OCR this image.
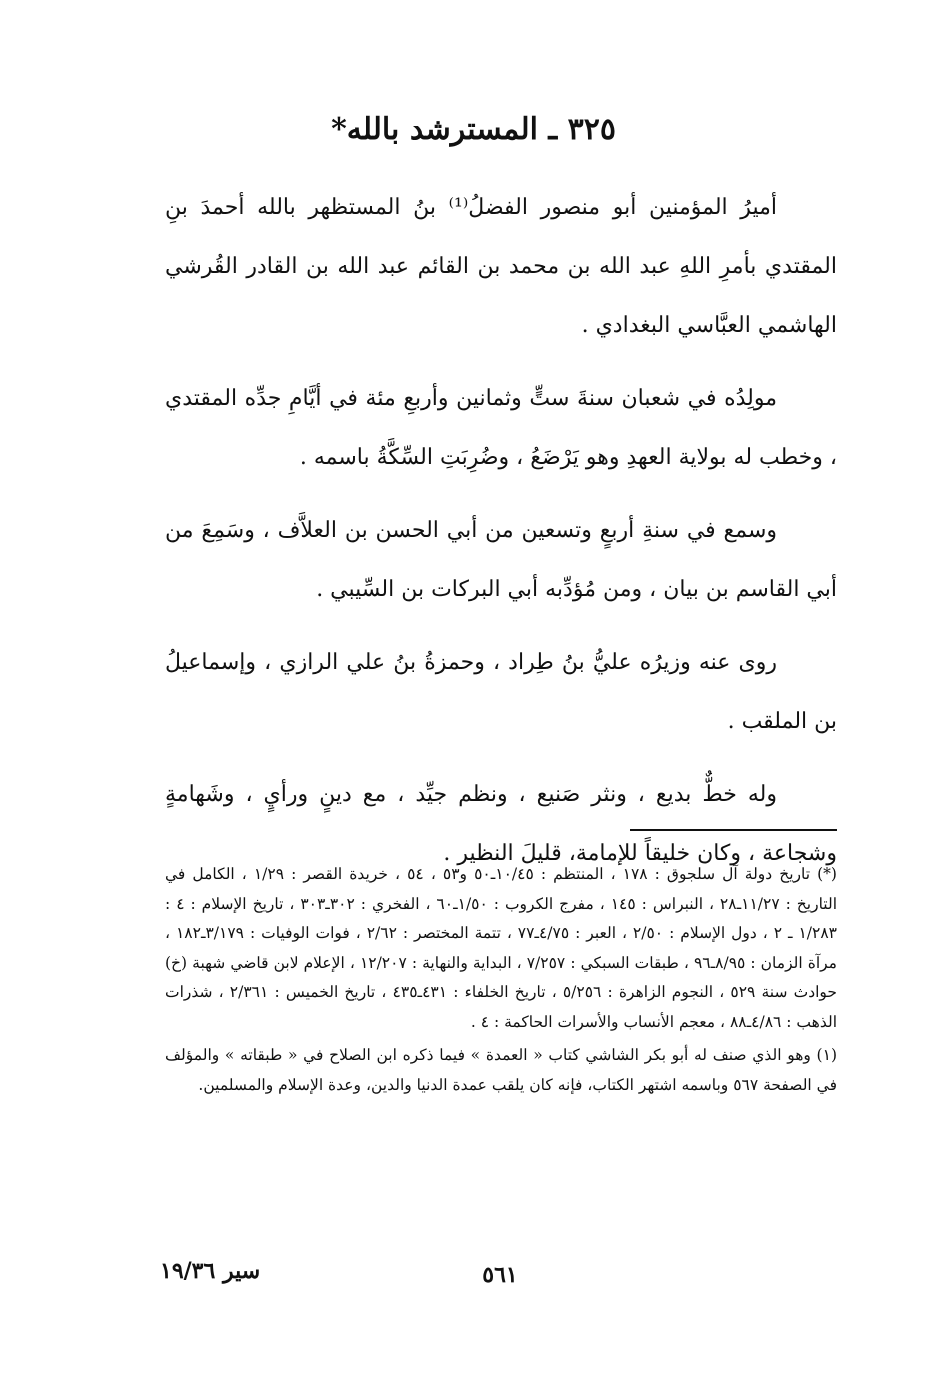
٣٢٥ ـ المسترشد بالله*

أميرُ المؤمنين أبو منصور الفضلُ⁽¹⁾ بنُ المستظهر بالله أحمدَ بنِ المقتدي بأمرِ اللهِ عبد الله بن محمد بن القائم عبد الله بن القادر القُرشي الهاشمي العبَّاسي البغدادي .

مولِدُه في شعبان سنةَ ستٍّ وثمانين وأربعِ مئة في أيَّامِ جدِّه المقتدي ، وخطب له بولاية العهدِ وهو يَرْضَعُ ، وضُرِبَتِ السِّكَّةُ باسمه .

وسمع في سنةِ أربعٍ وتسعين من أبي الحسن بن العلاَّف ، وسَمِعَ من أبي القاسم بن بيان ، ومن مُؤدِّبه أبي البركات بن السِّيبي .

روى عنه وزيرُه عليُّ بنُ طِراد ، وحمزةُ بنُ علي الرازي ، وإسماعيلُ بن الملقب .

وله خطٌّ بديع ، ونثر صَنيع ، ونظم جيِّد ، مع دينٍ ورأيٍ ، وشَهامةٍ وشجاعة ، وكان خليقاً للإمامة، قليلَ النظير .

(*) تاريخ دولة آل سلجوق : ١٧٨ ، المنتظم : ١٠/٤٥ـ٥٠ و٥٣ ، ٥٤ ، خريدة القصر : ١/٢٩ ، الكامل في التاريخ : ١١/٢٧ـ٢٨ ، النبراس : ١٤٥ ، مفرج الكروب : ١/٥٠ـ٦٠ ، الفخري : ٣٠٢ـ٣٠٣ ، تاريخ الإسلام : ٤ : ١/٢٨٣ ـ ٢ ، دول الإسلام : ٢/٥٠ ، العبر : ٤/٧٥ـ٧٧ ، تتمة المختصر : ٢/٦٢ ، فوات الوفيات : ٣/١٧٩ـ١٨٢ ، مرآة الزمان : ٨/٩٥ـ٩٦ ، طبقات السبكي : ٧/٢٥٧ ، البداية والنهاية : ١٢/٢٠٧ ، الإعلام لابن قاضي شهبة (خ) حوادث سنة ٥٢٩ ، النجوم الزاهرة : ٥/٢٥٦ ، تاريخ الخلفاء : ٤٣١ـ٤٣٥ ، تاريخ الخميس : ٢/٣٦١ ، شذرات الذهب : ٤/٨٦ـ٨٨ ، معجم الأنساب والأسرات الحاكمة : ٤ .

(١) وهو الذي صنف له أبو بكر الشاشي كتاب « العمدة » فيما ذكره ابن الصلاح في « طبقاته » والمؤلف في الصفحة ٥٦٧ وباسمه اشتهر الكتاب، فإنه كان يلقب عمدة الدنيا والدين، وعدة الإسلام والمسلمين.

٥٦١
سير ١٩/٣٦
